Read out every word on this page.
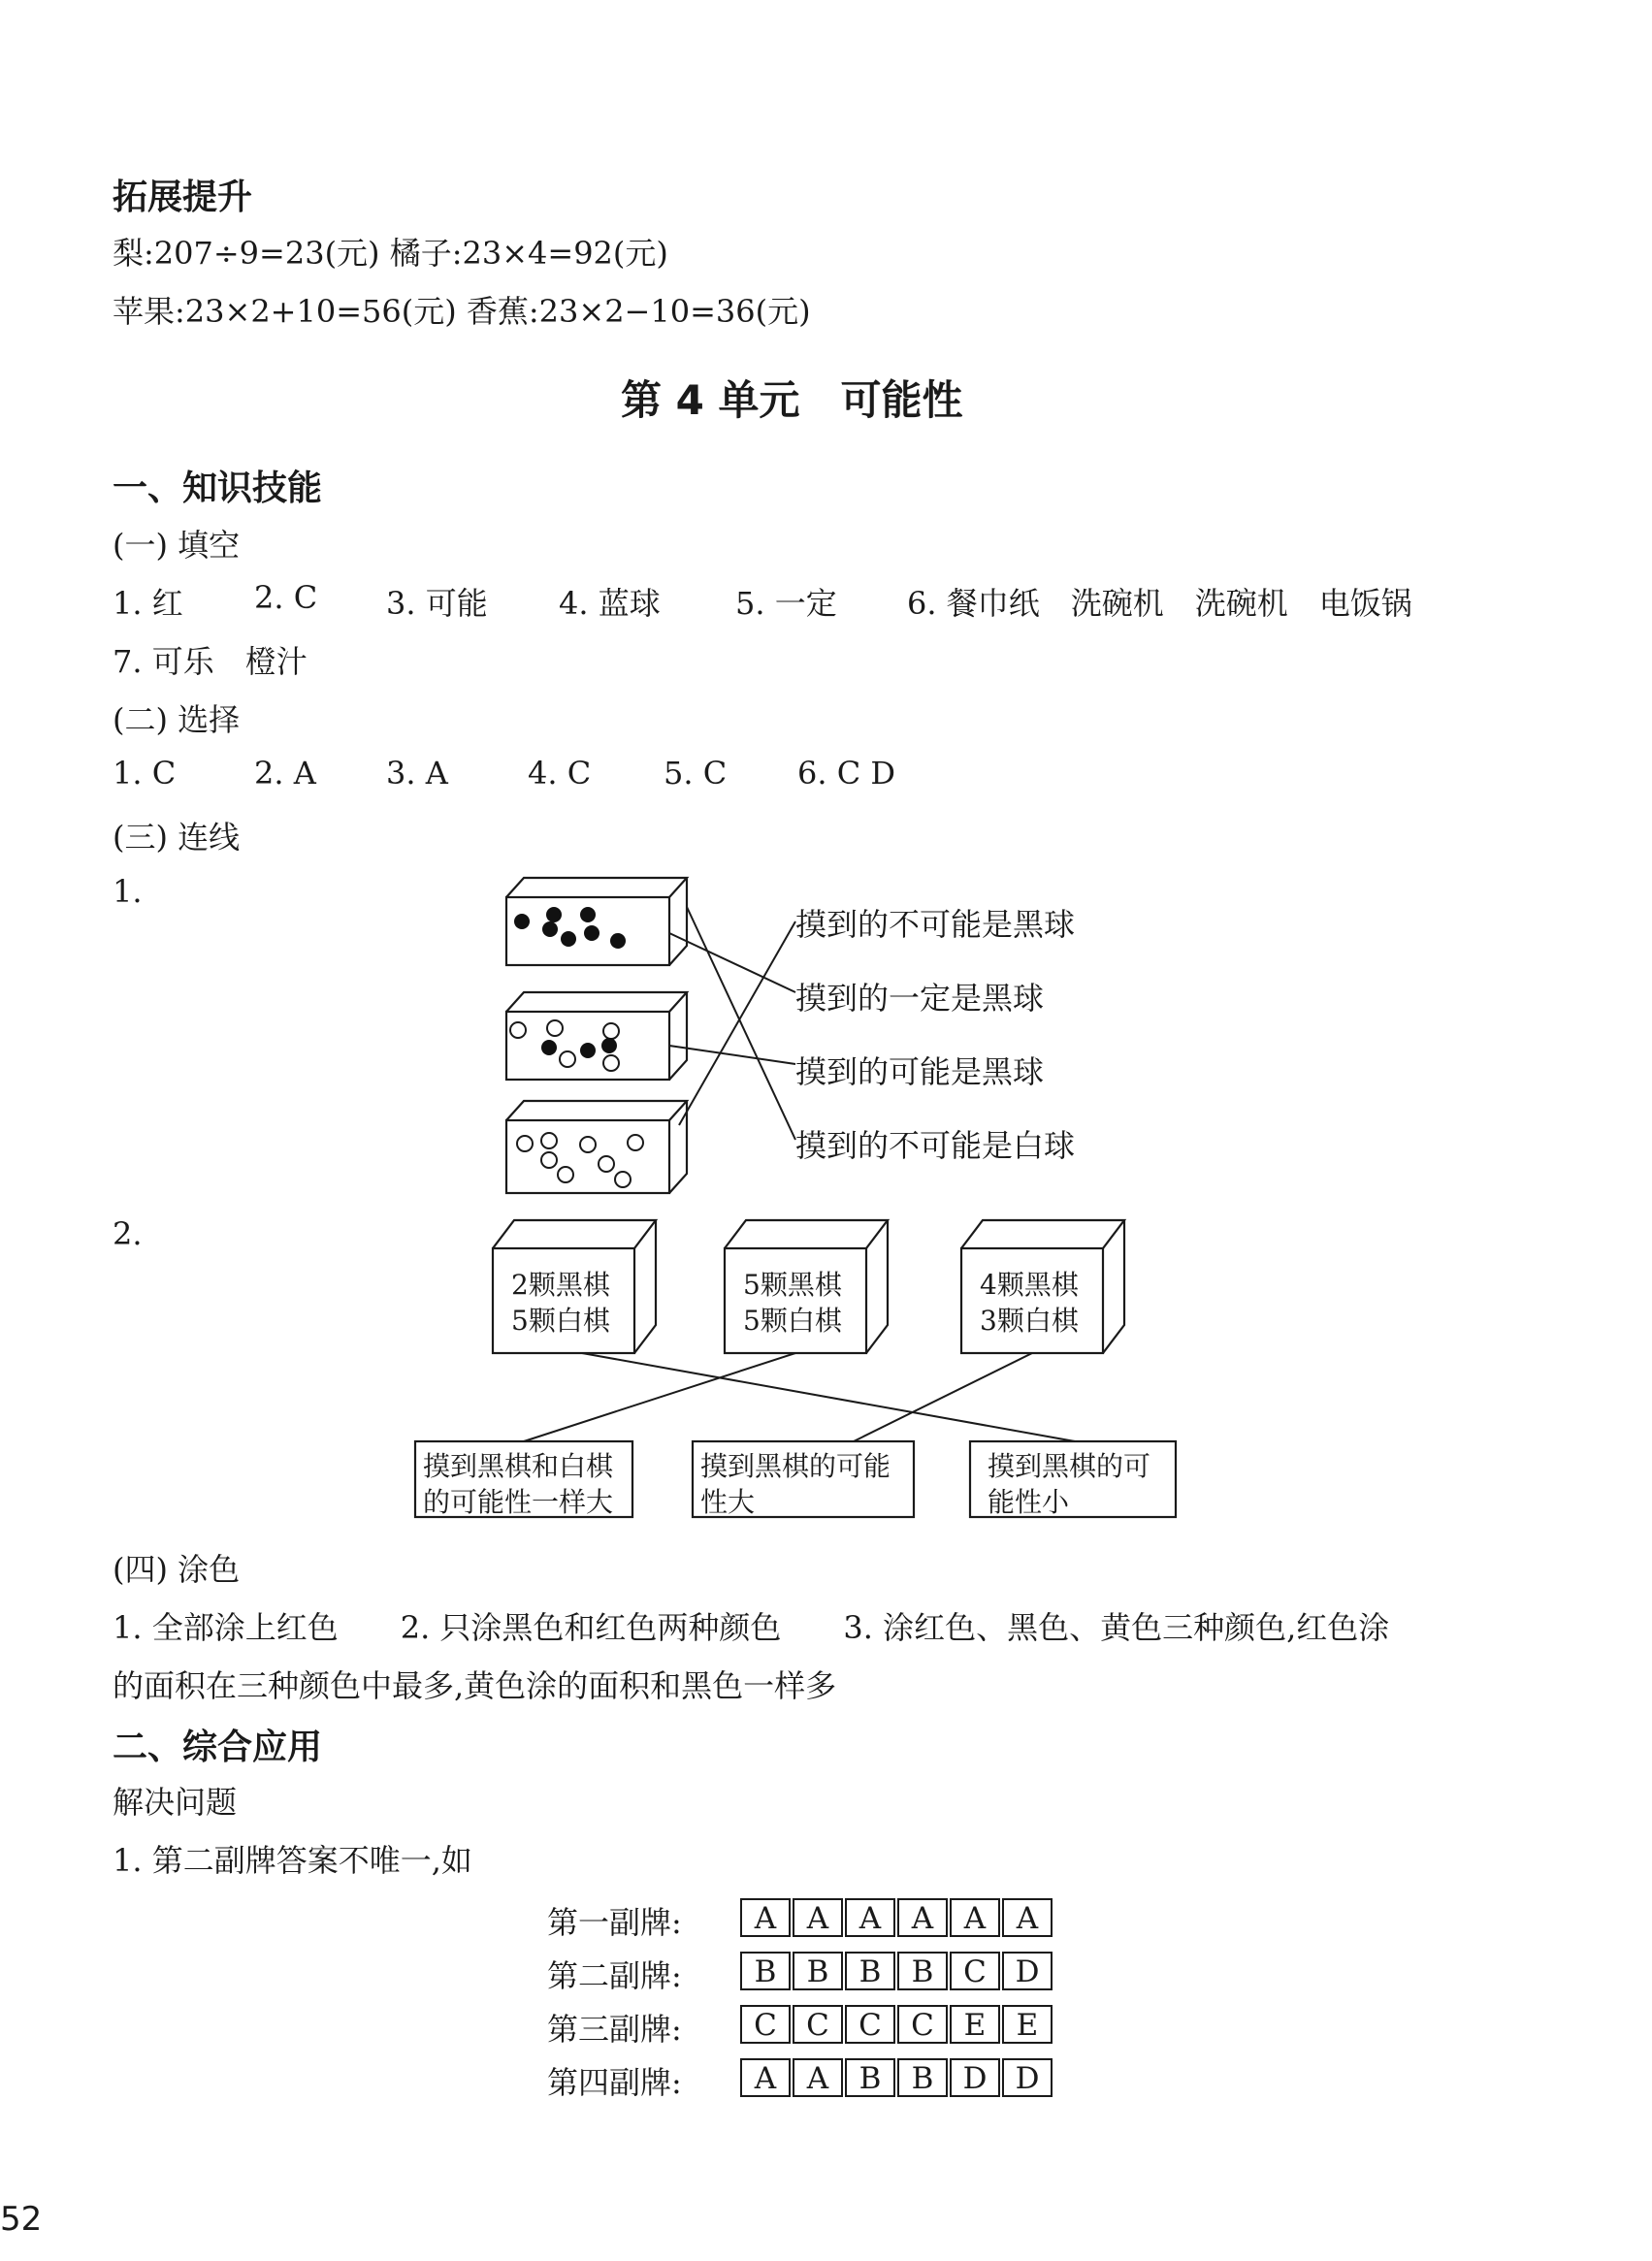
拓展提升
梨:207÷9=23(元) 橘子:23×4=92(元)
苹果:23×2+10=56(元) 香蕉:23×2−10=36(元)
第 4 单元　可能性
一、知识技能
(一) 填空
1. 红 2. C 3. 可能 4. 蓝球 5. 一定 6. 餐巾纸　洗碗机　洗碗机　电饭锅
7. 可乐　橙汁
(二) 选择
1. C	2. A 3. A	4. C 5. C 6. C D
(三) 连线
1.
摸到的不可能是黑球
摸到的一定是黑球
摸到的可能是黑球
摸到的不可能是白球
2.
2颗黑棋
5颗白棋
5颗黑棋
5颗白棋
4颗黑棋
3颗白棋
摸到黑棋和白棋
的可能性一样大
摸到黑棋的可能
性大
摸到黑棋的可
能性小
(四) 涂色
1. 全部涂上红色　　2. 只涂黑色和红色两种颜色　　3. 涂红色、黑色、黄色三种颜色,红色涂
的面积在三种颜色中最多,黄色涂的面积和黑色一样多
二、综合应用
解决问题
1. 第二副牌答案不唯一,如
第一副牌:
第二副牌:
第三副牌:
第四副牌:
A A A A A A
B B B B C D
C C C C E E
A A B B D D
52
